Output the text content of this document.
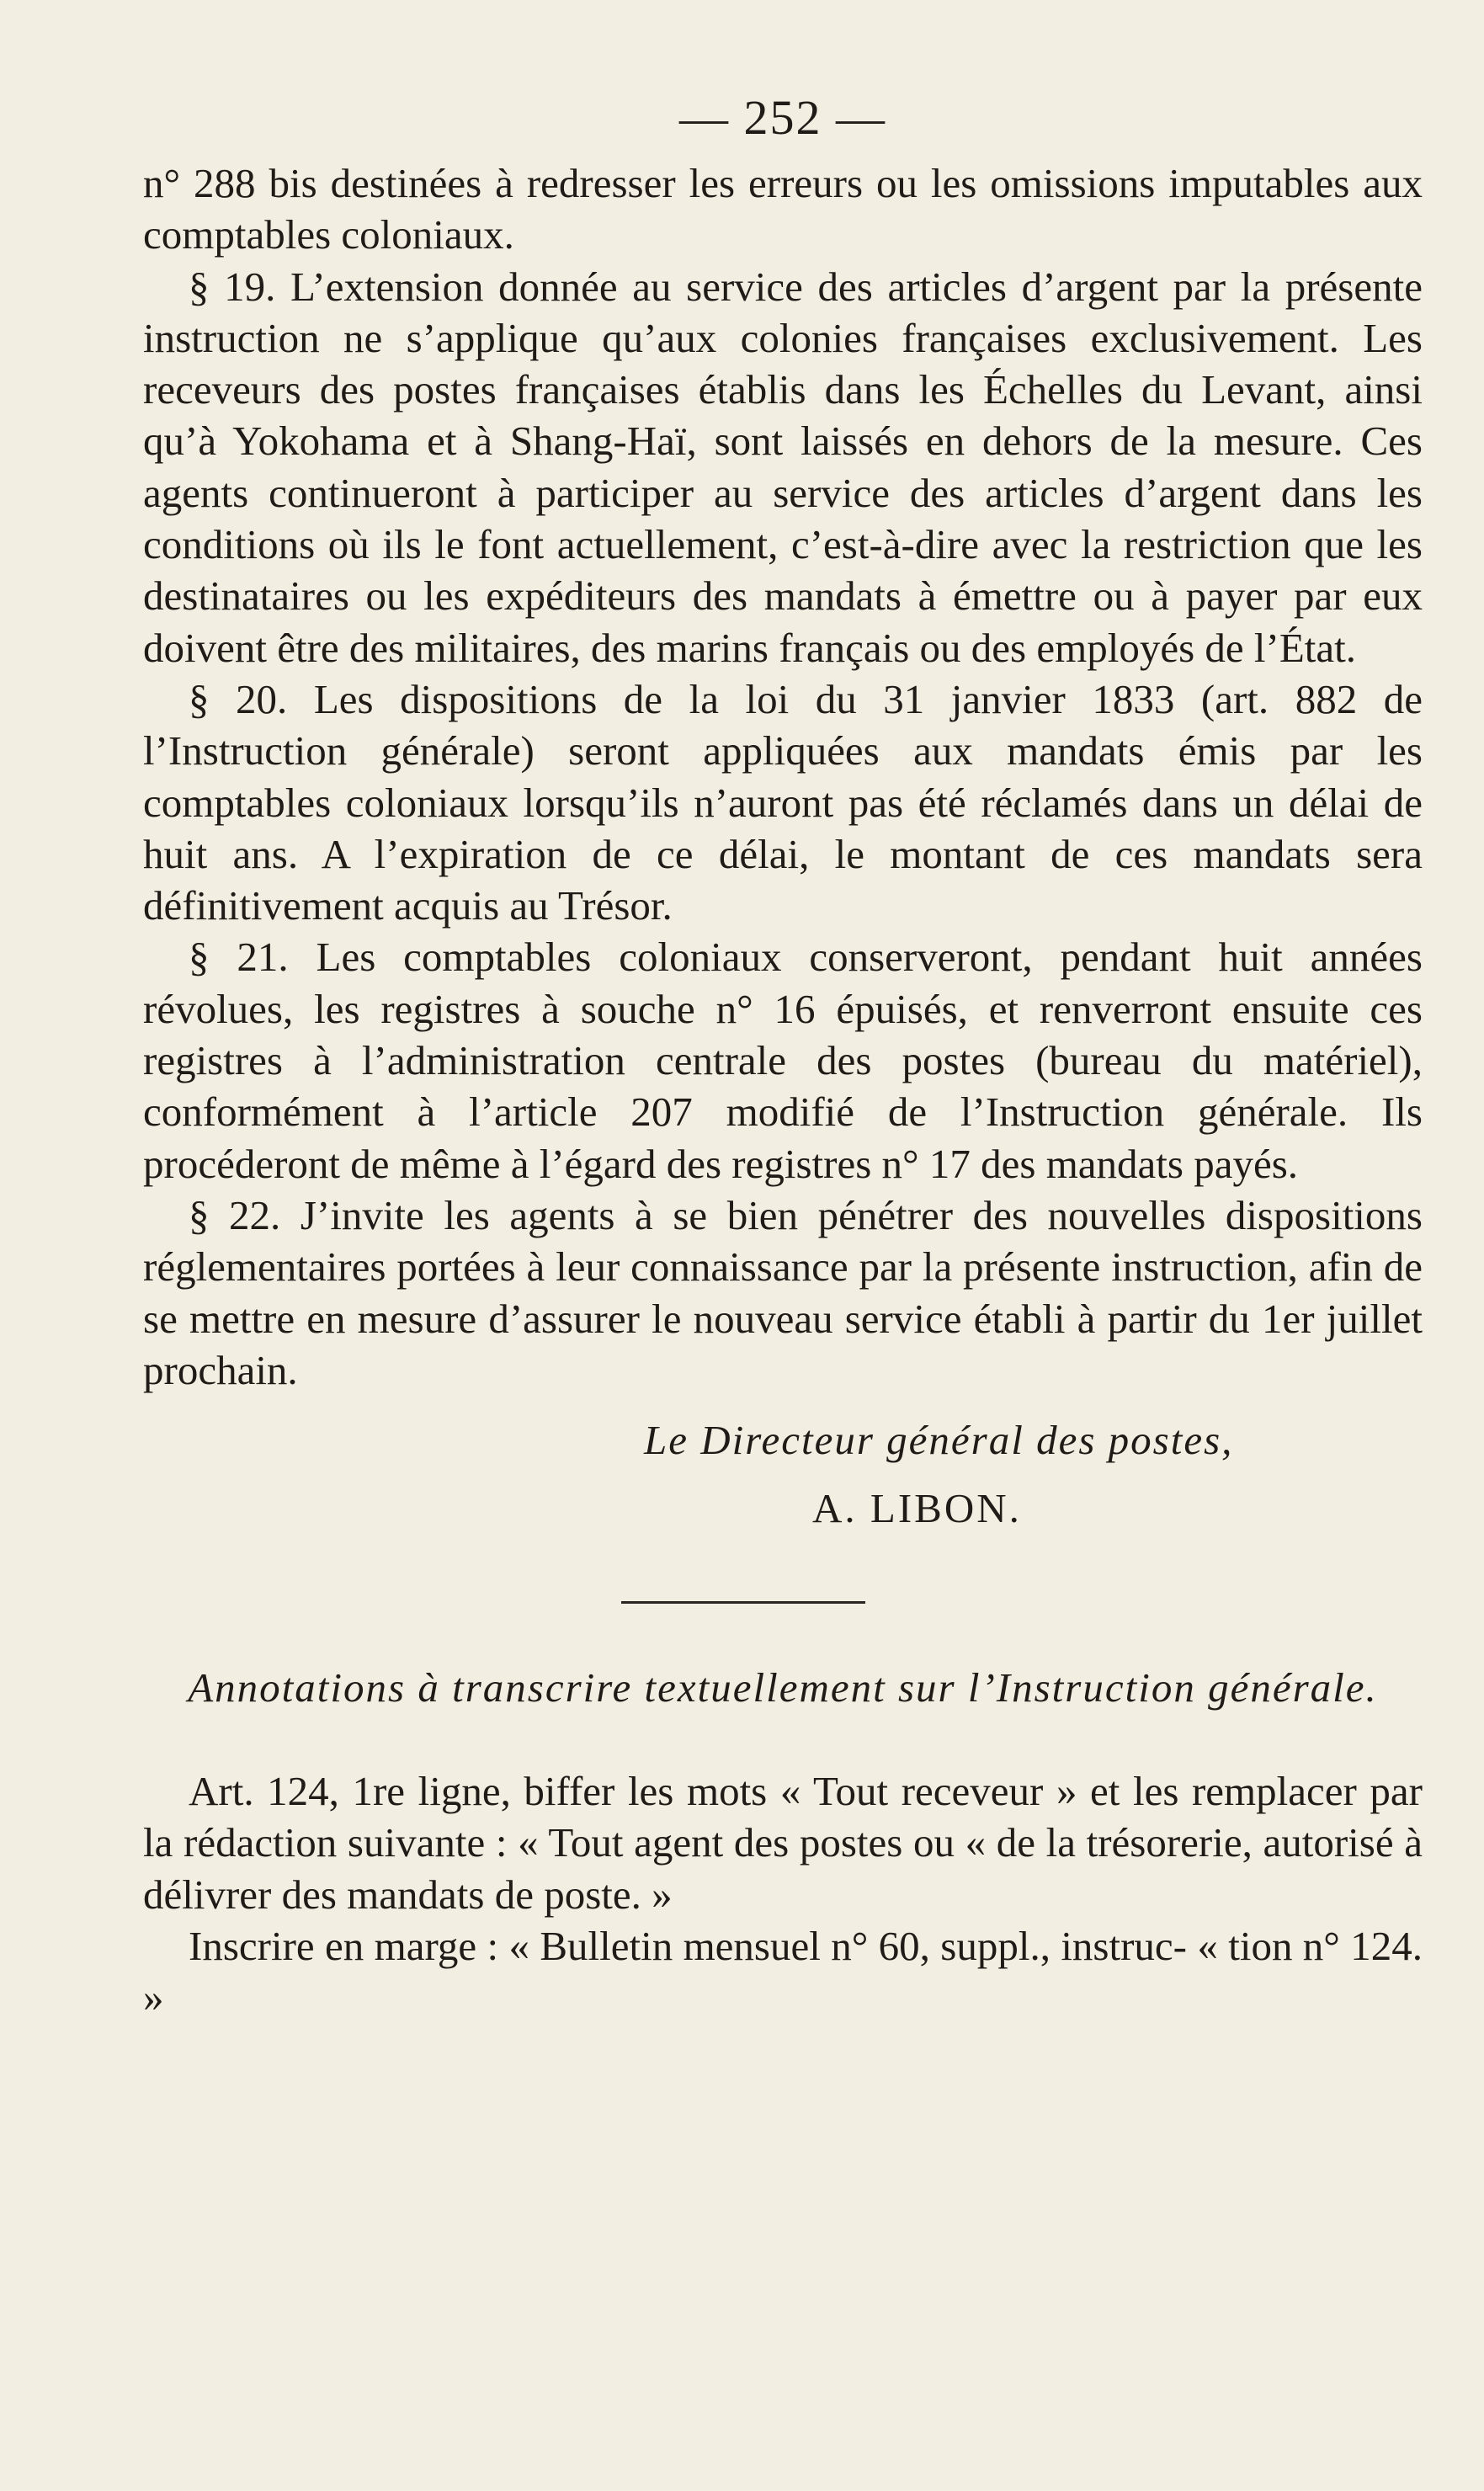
— 252 —

n° 288 bis destinées à redresser les erreurs ou les omissions imputables aux comptables coloniaux.

§ 19. L’extension donnée au service des articles d’argent par la présente instruction ne s’applique qu’aux colonies françaises exclusivement. Les receveurs des postes françaises établis dans les Échelles du Levant, ainsi qu’à Yokohama et à Shang-Haï, sont laissés en dehors de la mesure. Ces agents continueront à participer au service des articles d’argent dans les conditions où ils le font actuellement, c’est-à-dire avec la restriction que les destinataires ou les expéditeurs des mandats à émettre ou à payer par eux doivent être des militaires, des marins français ou des employés de l’État.

§ 20. Les dispositions de la loi du 31 janvier 1833 (art. 882 de l’Instruction générale) seront appliquées aux mandats émis par les comptables coloniaux lorsqu’ils n’auront pas été réclamés dans un délai de huit ans. A l’expiration de ce délai, le montant de ces mandats sera définitivement acquis au Trésor.

§ 21. Les comptables coloniaux conserveront, pendant huit années révolues, les registres à souche n° 16 épuisés, et renverront ensuite ces registres à l’administration centrale des postes (bureau du matériel), conformément à l’article 207 modifié de l’Instruction générale. Ils procéderont de même à l’égard des registres n° 17 des mandats payés.

§ 22. J’invite les agents à se bien pénétrer des nouvelles dispositions réglementaires portées à leur connaissance par la présente instruction, afin de se mettre en mesure d’assurer le nouveau service établi à partir du 1er juillet prochain.

Le Directeur général des postes,
A. LIBON.
Annotations à transcrire textuellement sur l’Instruction générale.

Art. 124, 1re ligne, biffer les mots « Tout receveur » et les remplacer par la rédaction suivante : « Tout agent des postes ou « de la trésorerie, autorisé à délivrer des mandats de poste. »

Inscrire en marge : « Bulletin mensuel n° 60, suppl., instruc- « tion n° 124. »
